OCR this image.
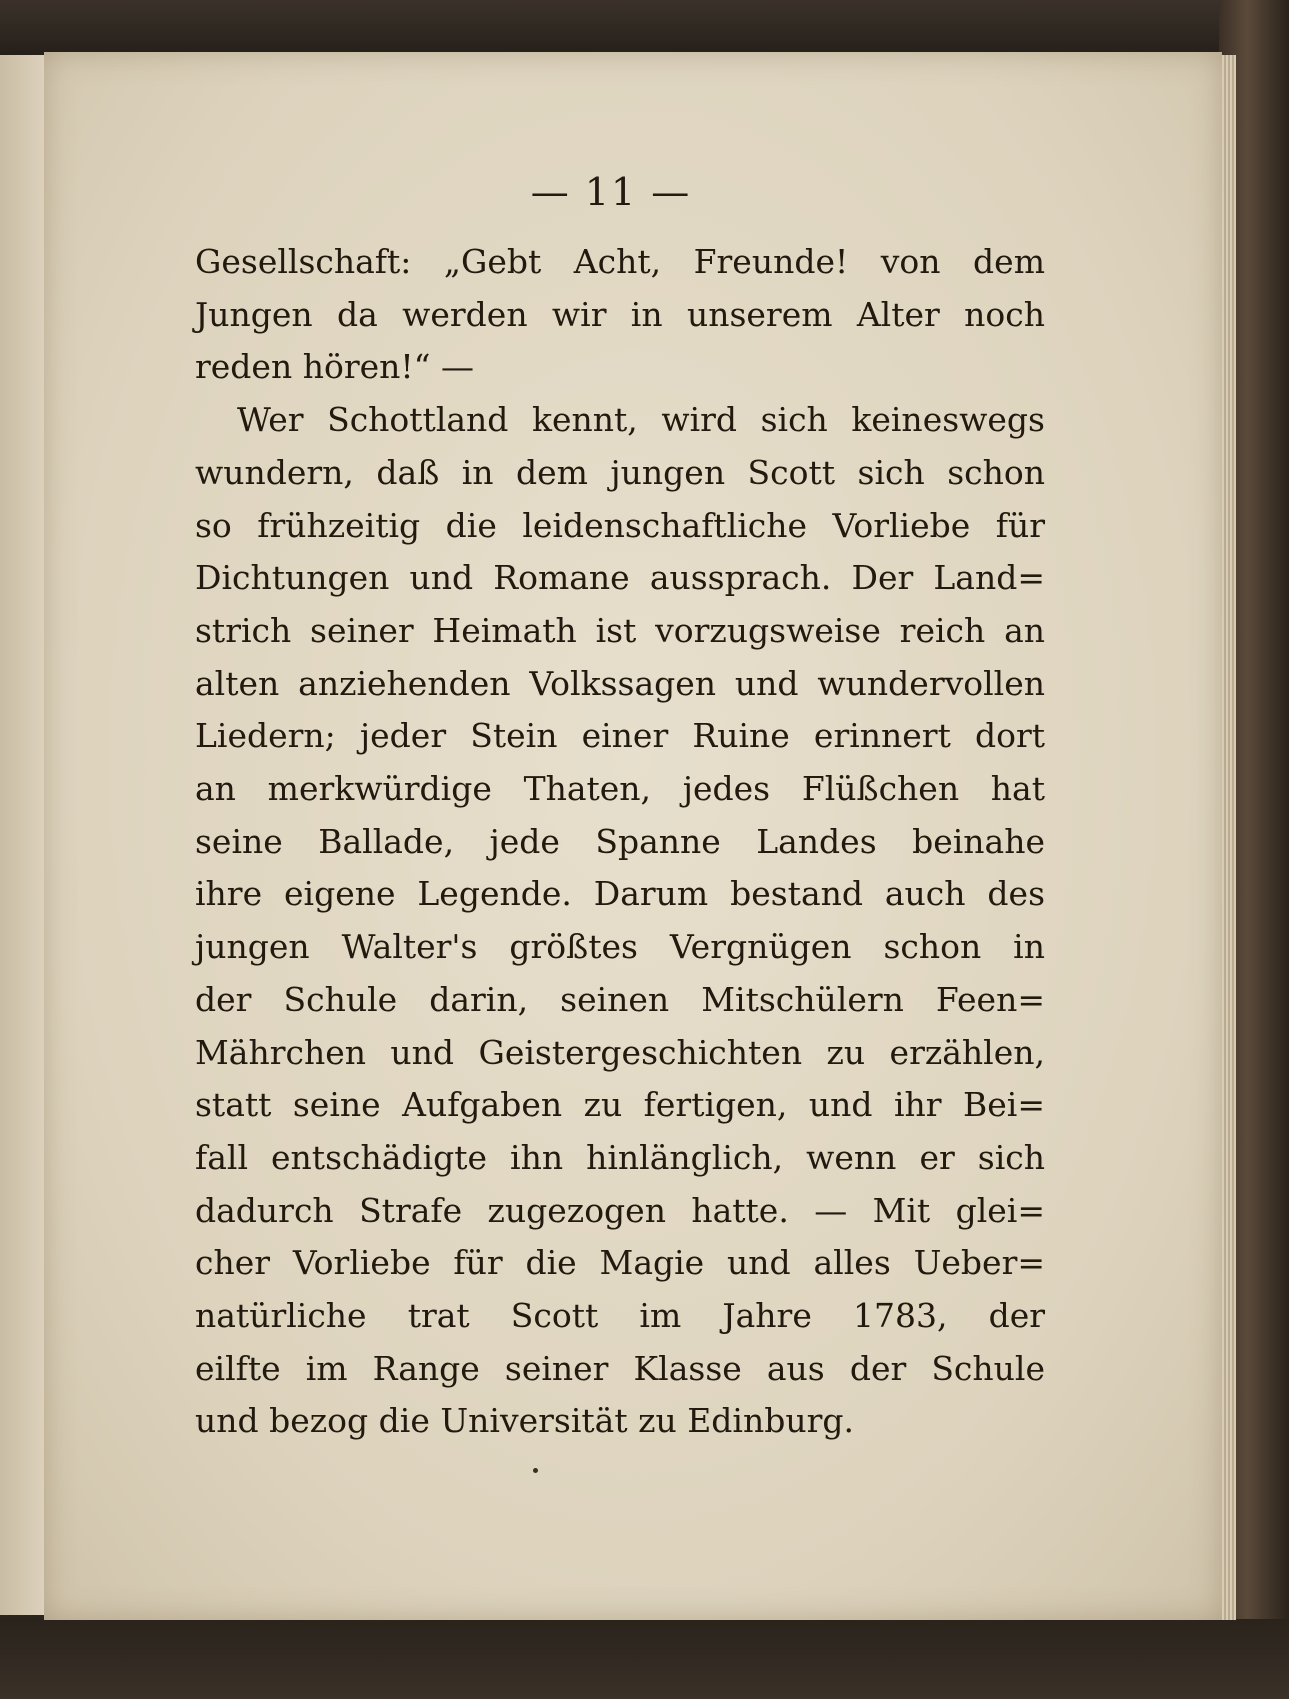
— 11 —
Gesellschaft: „Gebt Acht, Freunde! von dem
Jungen da werden wir in unserem Alter noch
reden hören!“ —
Wer Schottland kennt, wird sich keineswegs
wundern, daß in dem jungen Scott sich schon
so frühzeitig die leidenschaftliche Vorliebe für
Dichtungen und Romane aussprach. Der Land=
strich seiner Heimath ist vorzugsweise reich an
alten anziehenden Volkssagen und wundervollen
Liedern; jeder Stein einer Ruine erinnert dort
an merkwürdige Thaten, jedes Flüßchen hat
seine Ballade, jede Spanne Landes beinahe
ihre eigene Legende. Darum bestand auch des
jungen Walter's größtes Vergnügen schon in
der Schule darin, seinen Mitschülern Feen=
Mährchen und Geistergeschichten zu erzählen,
statt seine Aufgaben zu fertigen, und ihr Bei=
fall entschädigte ihn hinlänglich, wenn er sich
dadurch Strafe zugezogen hatte. — Mit glei=
cher Vorliebe für die Magie und alles Ueber=
natürliche trat Scott im Jahre 1783, der
eilfte im Range seiner Klasse aus der Schule
und bezog die Universität zu Edinburg.
